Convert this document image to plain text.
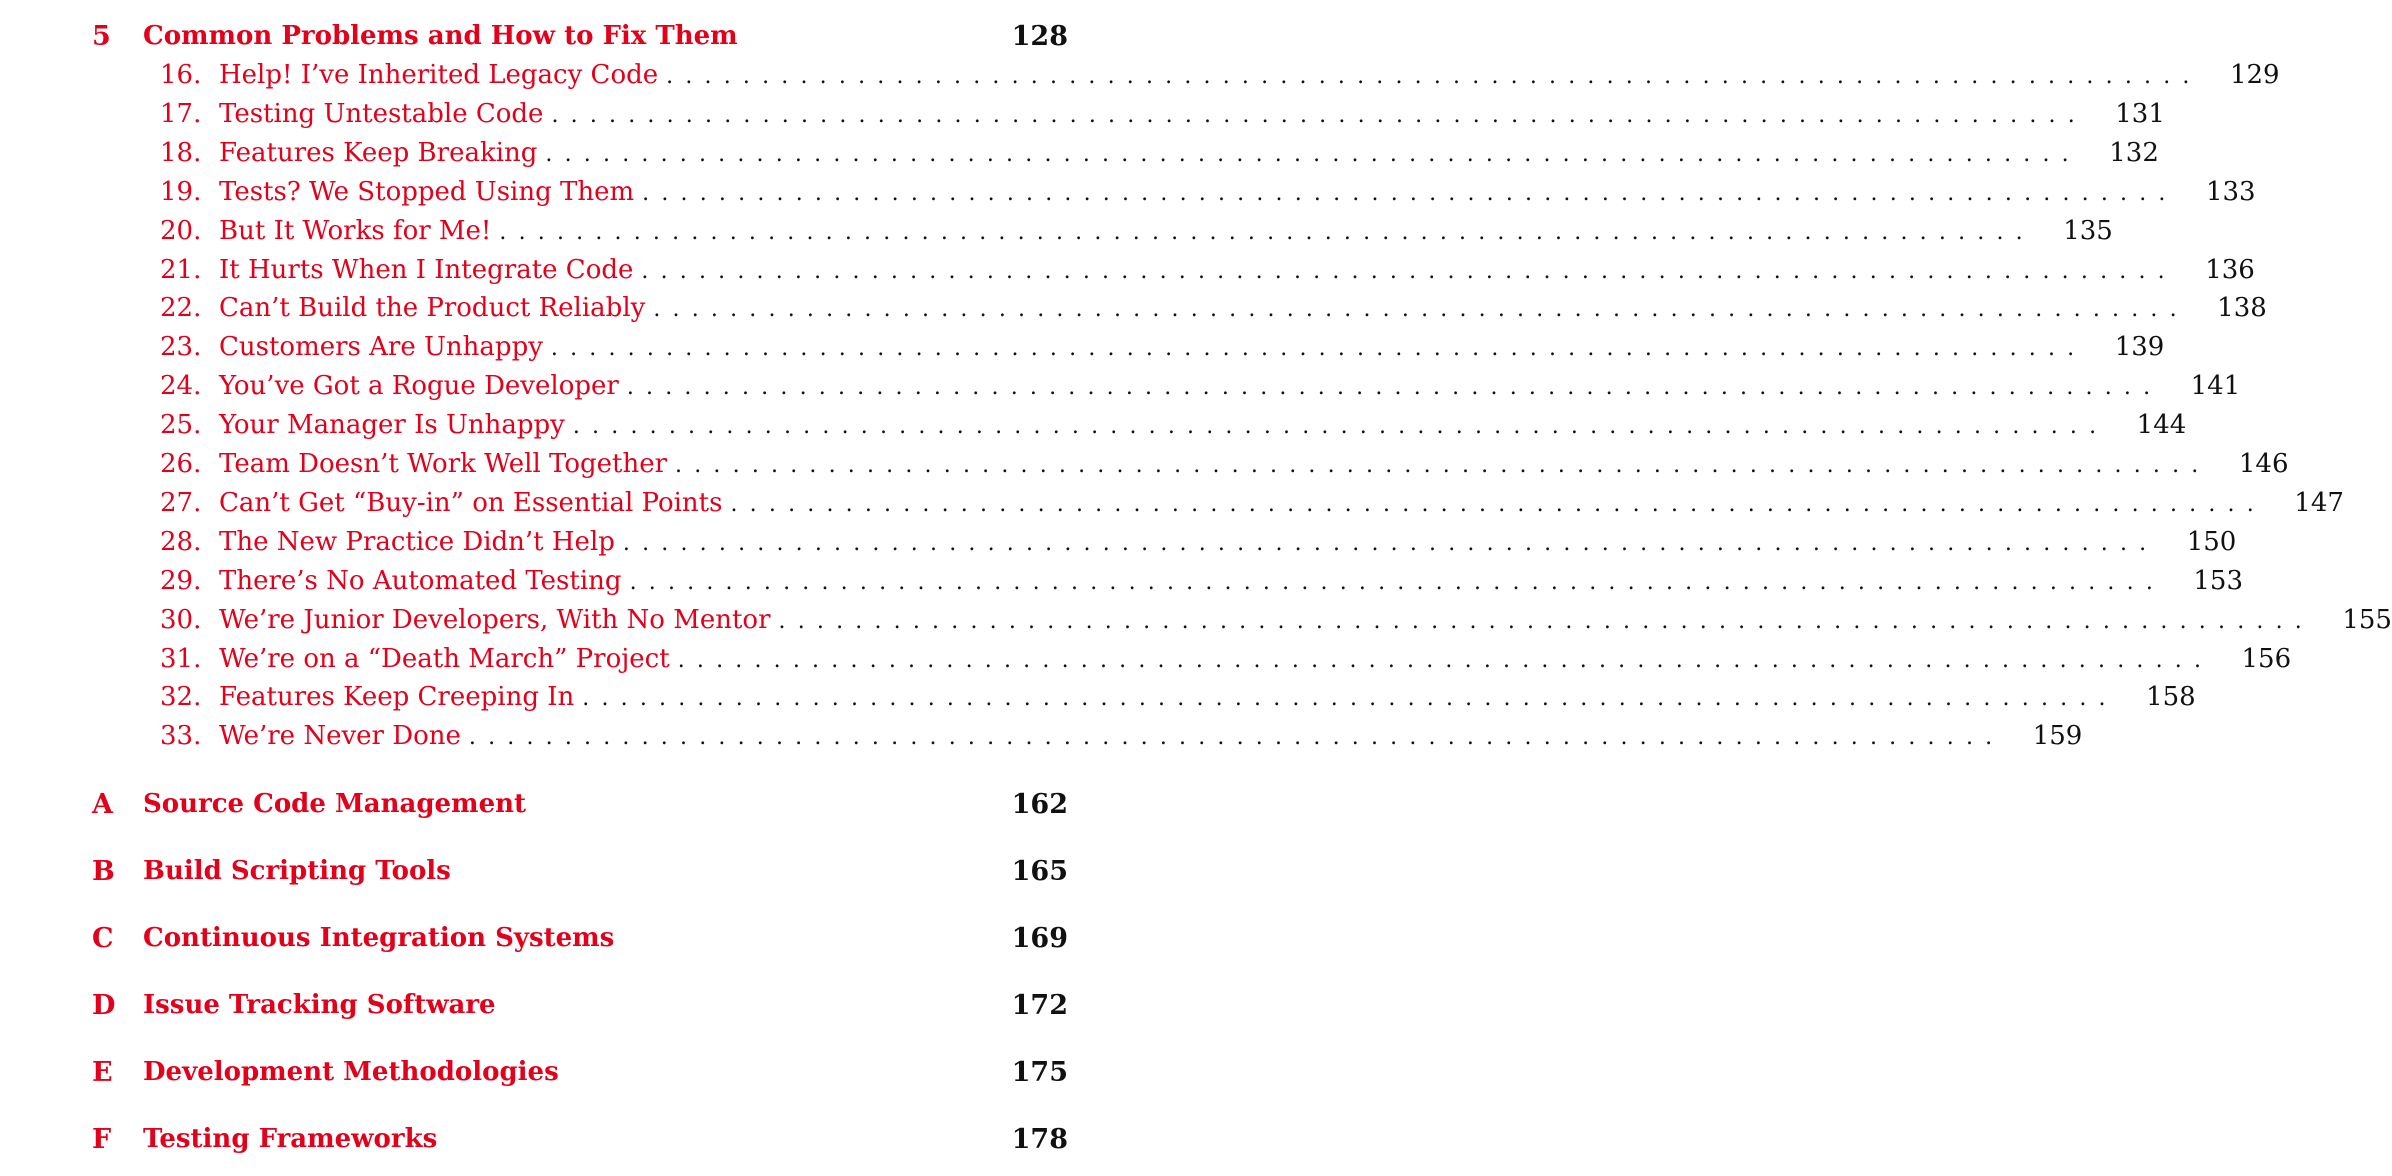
5 Common Problems and How to Fix Them	128
16. Help! I’ve Inherited Legacy Code ................................................................................ 129
17. Testing Untestable Code ................................................................................ 131
18. Features Keep Breaking ................................................................................ 132
19. Tests? We Stopped Using Them ................................................................................ 133
20. But It Works for Me! ................................................................................ 135
21. It Hurts When I Integrate Code ................................................................................ 136
22. Can’t Build the Product Reliably ................................................................................ 138
23. Customers Are Unhappy ................................................................................ 139
24. You’ve Got a Rogue Developer ................................................................................ 141
25. Your Manager Is Unhappy ................................................................................ 144
26. Team Doesn’t Work Well Together ................................................................................ 146
27. Can’t Get “Buy-in” on Essential Points ................................................................................ 147
28. The New Practice Didn’t Help ................................................................................ 150
29. There’s No Automated Testing ................................................................................ 153
30. We’re Junior Developers, With No Mentor ................................................................................ 155
31. We’re on a “Death March” Project ................................................................................ 156
32. Features Keep Creeping In ................................................................................ 158
33. We’re Never Done ................................................................................ 159
A Source Code Management	162
B Build Scripting Tools	165
C Continuous Integration Systems	169
D Issue Tracking Software	172
E Development Methodologies	175
F Testing Frameworks	178
